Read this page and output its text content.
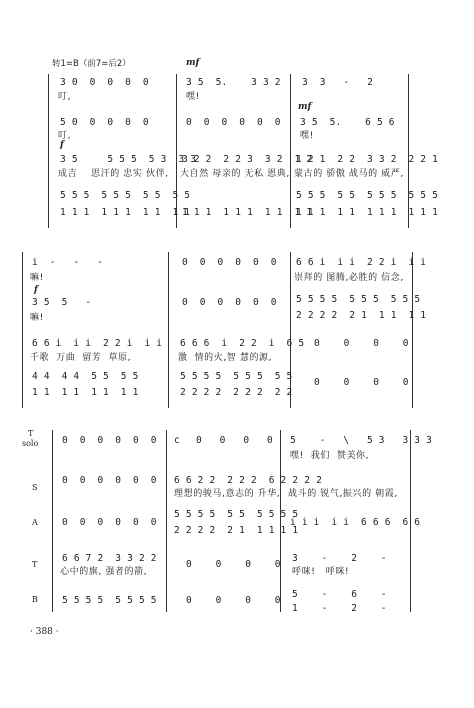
转1=B（前7=后2）	mf
3 0  0  0  0  0
叮,
3 5  5.    3 3 2
嘿!
3  3   -   2
mf
5 0  0  0  0  0
叮,
0  0  0  0  0  0 3 5  5.    6 5 6
嘿!
f
3 5     5 5 5  5 3  3 3
成吉    思汗的 忠实 伙伴,
3 2 2  2 2 3  3 2  1 2
大自然 母亲的 无私 恩典,
1 2 1  2 2  3 3 2  2 2 1
蒙古的 骄傲 战马的 威严,
5 5 5  5 5 5  5 5  5 5
1 1 1  1 1 1  1 1  1 1
5 5 5  5 5  5 5 5  5 5 5
1 1 1  1 1 1  1 1  1 1
1 1 1  1 1  1 1 1  1 1 1
i  -   -   -
嘛!
0  0  0  0  0  0 6 6 i  i i  2 2 i  i i
崇拜的 图腾,必胜的 信念,
f
3 5  5   -
嘛!
0  0  0  0  0  0 5 5 5 5  5 5 5  5 5 5
2 2 2 2  2 1  1 1  1 1
6 6 i  i i  2 2 i  i i
千歌  万曲  留芳  草原,
6 6 6  i  2 2  i  6 5
激  情的火,智 慧的源,
0    0    0    0
4 4  4 4  5 5  5 5
1 1  1 1  1 1  1 1
5 5 5 5  5 5 5  5 5
2 2 2 2  2 2 2  2 2
0    0    0    0
T
solo
S
A
T
B
0  0  0  0  0  0 c 0   0   0   0 5    -   \   5 3   3 3 3
嘿!  我们  赞美你,
0  0  0  0  0  0 6 6 2 2  2 2 2  6 2 2 2 2
理想的骏马,意志的 升华, 战斗的 锐气,振兴的 朝霞,
0  0  0  0  0  0
5 5 5 5  5 5  5 5 5 5
2 2 2 2  2 1  1 1 1 1
i i i  i i  6 6 6  6 6
6 6 7 2  3 3 2 2
心中的旗, 强者的箭,
0    0    0    0
3    -    2    -
呼咪!   呼咪!
5 5 5 5  5 5 5 5	0    0    0    0
5    -    6    -
1    -    2    -
· 388 ·
